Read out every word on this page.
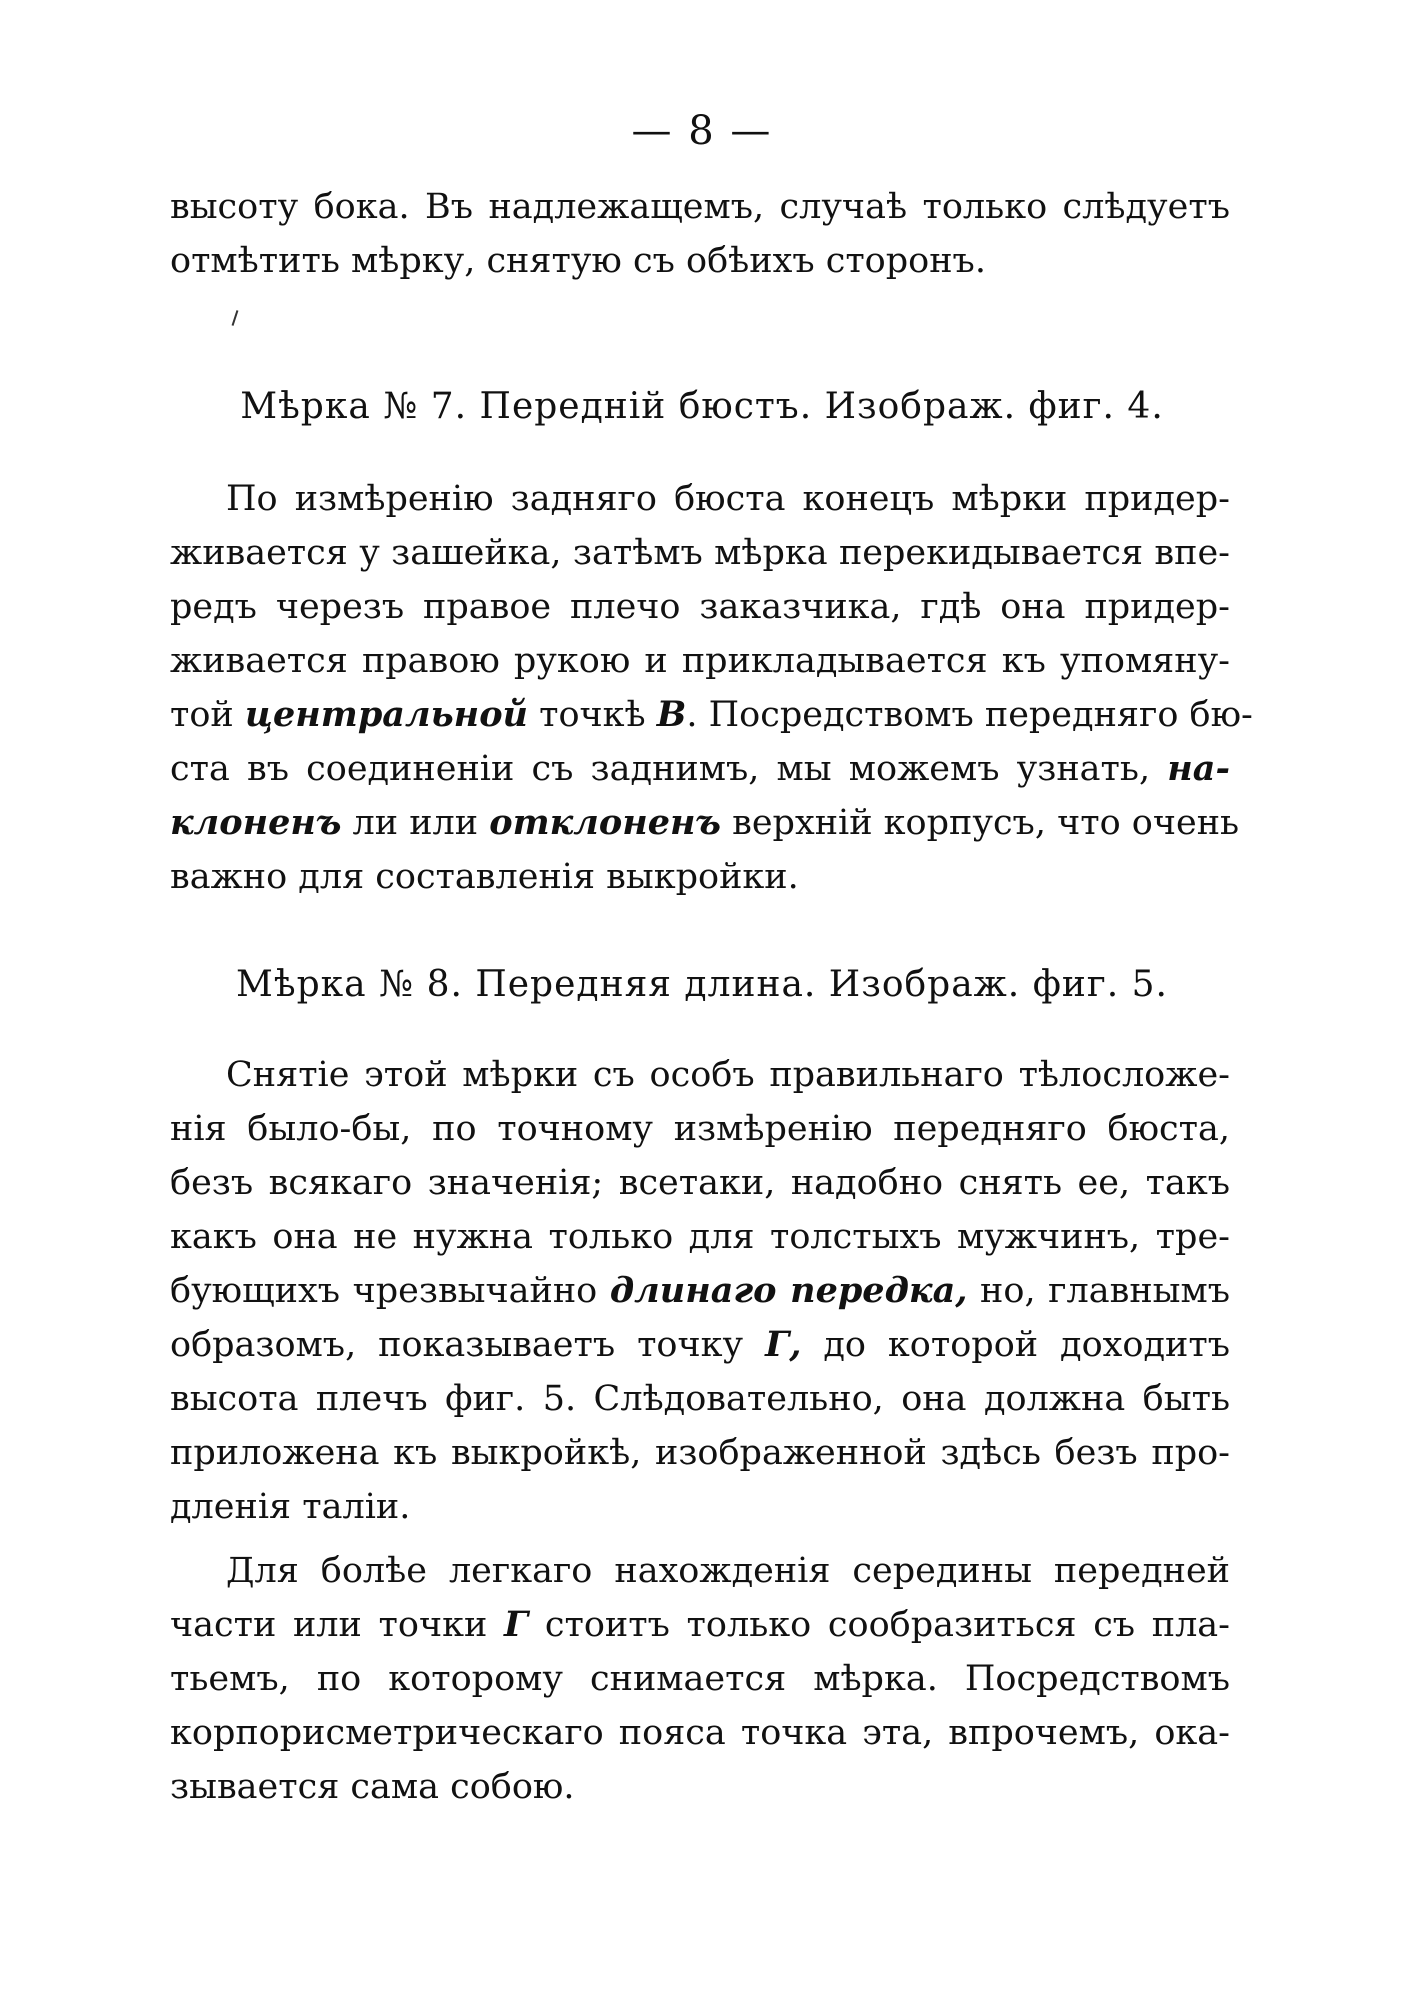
— 8 —
высоту бока. Въ надлежащемъ, случаѣ только слѣдуетъ
отмѣтить мѣрку, снятую съ обѣихъ сторонъ.
Мѣрка № 7. Переднiй бюстъ. Изображ. фиг. 4.
По измѣренiю задняго бюста конецъ мѣрки придер-
живается у зашейка, затѣмъ мѣрка перекидывается впе-
редъ черезъ правое плечо заказчика, гдѣ она придер-
живается правою рукою и прикладывается къ упомяну-
той центральной точкѣ В. Посредствомъ передняго бю-
ста въ соединенiи съ заднимъ, мы можемъ узнать, на-
клоненъ ли или отклоненъ верхнiй корпусъ, что очень
важно для составленiя выкройки.
Мѣрка № 8. Передняя длина. Изображ. фиг. 5.
Снятiе этой мѣрки съ особъ правильнаго тѣлосложе-
нiя было-бы, по точному измѣренiю передняго бюста,
безъ всякаго значенiя; всетаки, надобно снять ее, такъ
какъ она не нужна только для толстыхъ мужчинъ, тре-
бующихъ чрезвычайно длинаго передка, но, главнымъ
образомъ, показываетъ точку Г, до которой доходитъ
высота плечъ фиг. 5. Слѣдовательно, она должна быть
приложена къ выкройкѣ, изображенной здѣсь безъ про-
дленiя талiи.
Для болѣе легкаго нахожденiя середины передней
части или точки Г стоитъ только сообразиться съ пла-
тьемъ, по которому снимается мѣрка. Посредствомъ
корпорисметрическаго пояса точка эта, впрочемъ, ока-
зывается сама собою.
